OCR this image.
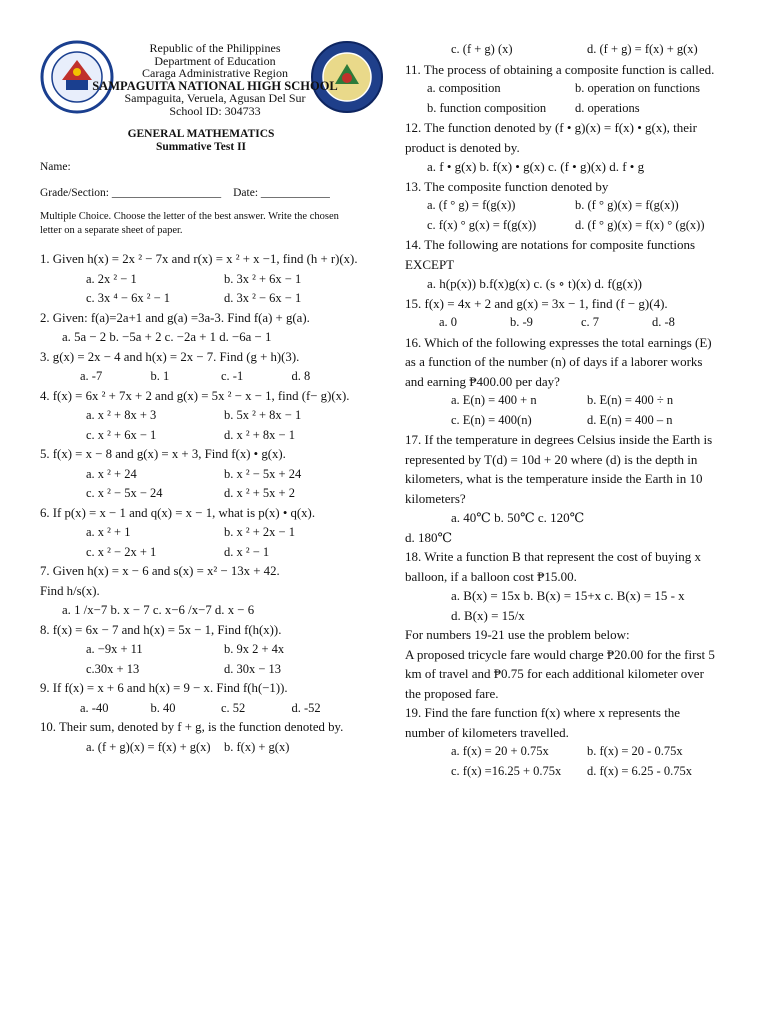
Republic of the Philippines
Department of Education
Caraga Administrative Region
SAMPAGUITA NATIONAL HIGH SCHOOL
Sampaguita, Veruela, Agusan Del Sur
School ID: 304733
GENERAL MATHEMATICS
Summative Test II
Name:
Grade/Section: ___________________ Date: ____________
Multiple Choice. Choose the letter of the best answer. Write the chosen letter on a separate sheet of paper.
1. Given h(x) = 2x ² − 7x and r(x) = x ² + x −1, find (h + r)(x).
a. 2x ² − 1	b. 3x ² + 6x − 1
c. 3x ⁴ − 6x ² − 1	d. 3x ² − 6x − 1
2. Given: f(a)=2a+1 and g(a) =3a-3. Find f(a) + g(a).
a. 5a − 2 b. −5a + 2 c. −2a + 1 d. −6a − 1
3. g(x) = 2x − 4 and h(x) = 2x − 7. Find (g + h)(3).
a. -7	b. 1	c. -1	d. 8
4. f(x) = 6x ² + 7x + 2 and g(x) = 5x ² − x − 1, find (f− g)(x).
a. x ² + 8x + 3	b. 5x ² + 8x − 1
c. x ² + 6x − 1	d. x ² + 8x − 1
5. f(x) = x − 8 and g(x) = x + 3, Find f(x) • g(x).
a. x ² + 24	b. x ² − 5x + 24
c. x ² − 5x − 24	d. x ² + 5x + 2
6. If p(x) = x − 1 and q(x) = x − 1, what is p(x) • q(x).
a. x ² + 1	b. x ² + 2x − 1
c. x ² − 2x + 1	d. x ² − 1
7. Given h(x) = x − 6 and s(x) = x² − 13x + 42.
Find h/s(x).
a. 1 /x−7 b. x − 7 c. x−6 /x−7 d. x − 6
8. f(x) = 6x − 7 and h(x) = 5x − 1, Find f(h(x)).
a. −9x + 11	b. 9x 2 + 4x
c.30x + 13	d. 30x − 13
9. If f(x) = x + 6 and h(x) = 9 − x. Find f(h(−1)).
a. -40	b. 40	c. 52	d. -52
10. Their sum, denoted by f + g, is the function denoted by.
a. (f + g)(x) = f(x) + g(x)	b. f(x) + g(x)
c. (f + g) (x)	d. (f + g) = f(x) + g(x)
11. The process of obtaining a composite function is called.
a. composition	b. operation on functions
b. function composition	d. operations
12. The function denoted by (f • g)(x) = f(x) • g(x), their product is denoted by.
a. f • g(x) b. f(x) • g(x) c. (f • g)(x) d. f • g
13. The composite function denoted by
a. (f ° g) = f(g(x))	b. (f ° g)(x) = f(g(x))
c. f(x) ° g(x) = f(g(x))	d. (f ° g)(x) = f(x) ° (g(x))
14. The following are notations for composite functions EXCEPT
a. h(p(x)) b.f(x)g(x) c. (s ∘ t)(x) d. f(g(x))
15. f(x) = 4x + 2 and g(x) = 3x − 1, find (f − g)(4).
a. 0	b. -9	c. 7	d. -8
16. Which of the following expresses the total earnings (E) as a function of the number (n) of days if a laborer works and earning ₱400.00 per day?
a. E(n) = 400 + n	b. E(n) = 400 ÷ n
c. E(n) = 400(n)	d. E(n) = 400 – n
17. If the temperature in degrees Celsius inside the Earth is represented by T(d) = 10d + 20 where (d) is the depth in kilometers, what is the temperature inside the Earth in 10 kilometers?
a. 40℃ b. 50℃ c. 120℃
d. 180℃
18. Write a function B that represent the cost of buying x balloon, if a balloon cost ₱15.00.
a. B(x) = 15x b. B(x) = 15+x c. B(x) = 15 - x
d. B(x) = 15/x
For numbers 19-21 use the problem below:
A proposed tricycle fare would charge ₱20.00 for the first 5 km of travel and ₱0.75 for each additional kilometer over the proposed fare.
19. Find the fare function f(x) where x represents the number of kilometers travelled.
a. f(x) = 20 + 0.75x	b. f(x) = 20 - 0.75x
c. f(x) =16.25 + 0.75x	d. f(x) = 6.25 - 0.75x
